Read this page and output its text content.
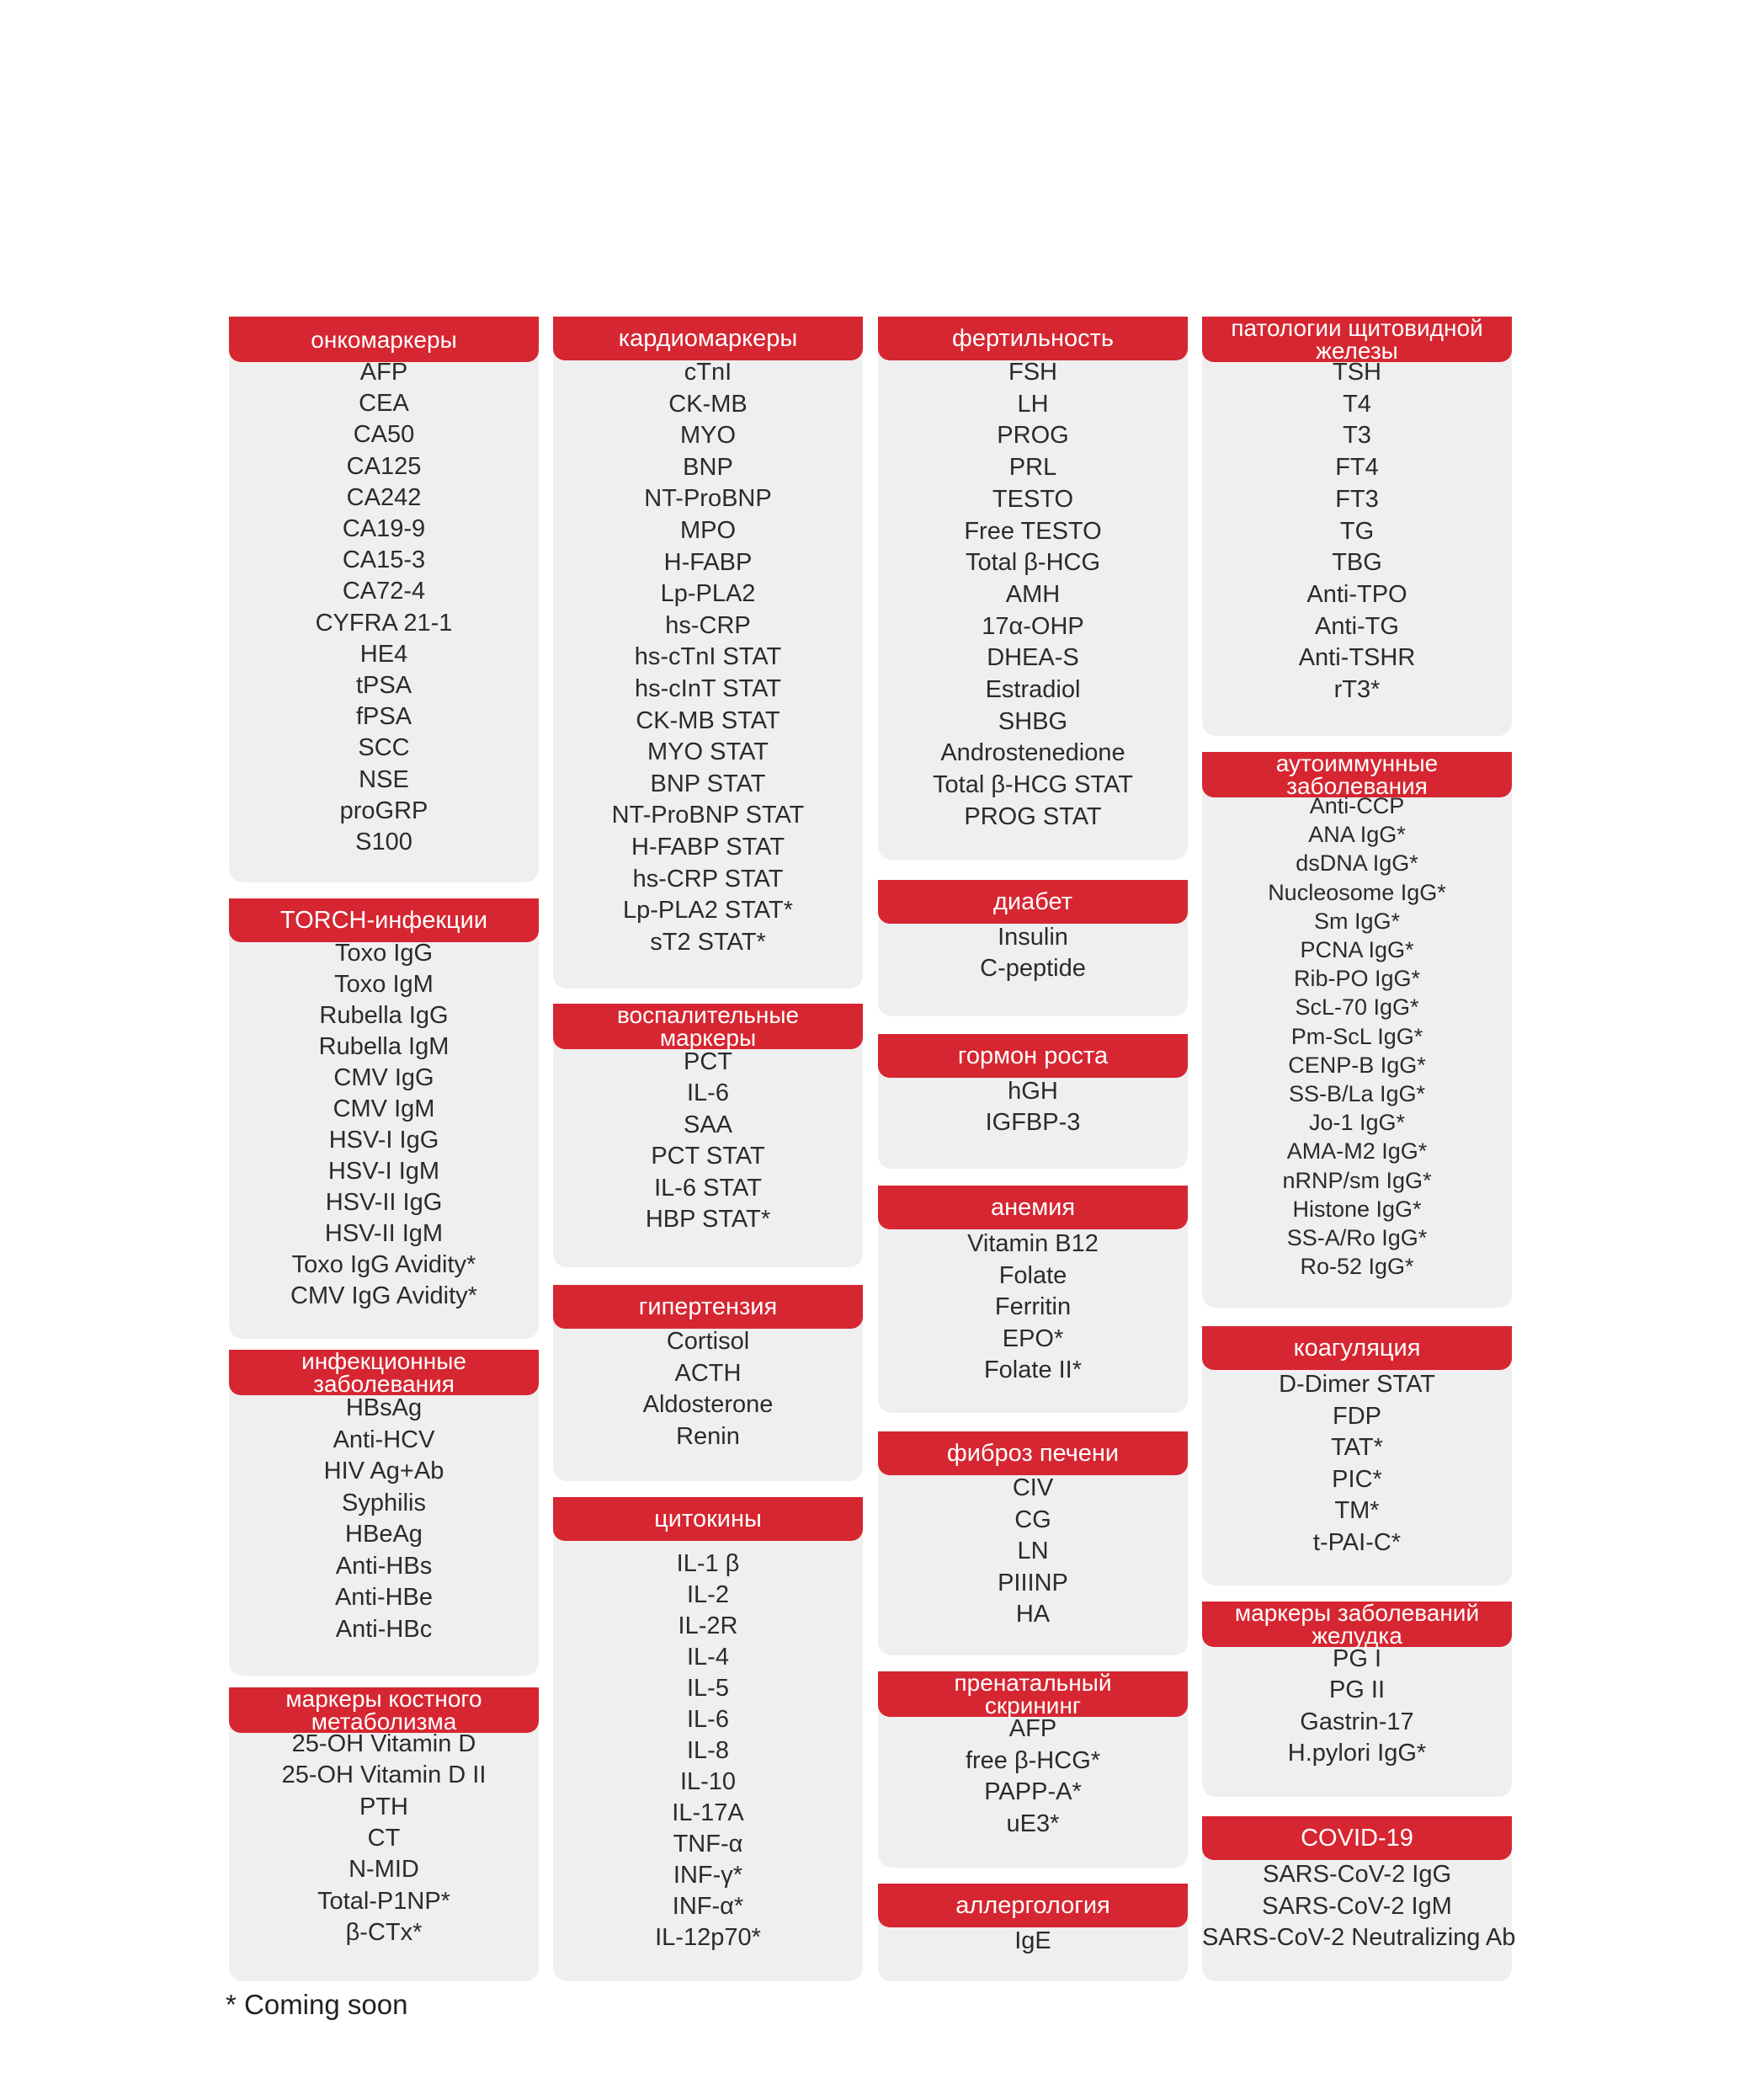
онкомаркеры
AFP
CEA
CA50
CA125
CA242
CA19-9
CA15-3
CA72-4
CYFRA 21-1
HE4
tPSA
fPSA
SCC
NSE
proGRP
S100
TORCH-инфекции
Toxo IgG
Toxo IgM
Rubella IgG
Rubella IgM
CMV IgG
CMV IgM
HSV-I IgG
HSV-I IgM
HSV-II IgG
HSV-II IgM
Toxo IgG Avidity*
CMV IgG Avidity*
инфекционные
заболевания
HBsAg
Anti-HCV
HIV Ag+Ab
Syphilis
HBeAg
Anti-HBs
Anti-HBe
Anti-HBc
маркеры костного
метаболизма
25-OH Vitamin D
25-OH Vitamin D II
PTH
CT
N-MID
Total-P1NP*
β-CTx*
кардиомаркеры
cTnI
CK-MB
MYO
BNP
NT-ProBNP
MPO
H-FABP
Lp-PLA2
hs-CRP
hs-cTnI STAT
hs-cInT STAT
CK-MB STAT
MYO STAT
BNP STAT
NT-ProBNP STAT
H-FABP STAT
hs-CRP STAT
Lp-PLA2 STAT*
sT2 STAT*
воспалительные
маркеры
PCT
IL-6
SAA
PCT STAT
IL-6 STAT
HBP STAT*
гипертензия
Cortisol
ACTH
Aldosterone
Renin
цитокины
IL-1 β
IL-2
IL-2R
IL-4
IL-5
IL-6
IL-8
IL-10
IL-17A
TNF-α
INF-γ*
INF-α*
IL-12p70*
фертильность
FSH
LH
PROG
PRL
TESTO
Free TESTO
Total β-HCG
AMH
17α-OHP
DHEA-S
Estradiol
SHBG
Androstenedione
Total β-HCG STAT
PROG STAT
диабет
Insulin
C-peptide
гормон роста
hGH
IGFBP-3
анемия
Vitamin B12
Folate
Ferritin
EPO*
Folate II*
фиброз печени
CIV
CG
LN
PIIINP
HA
пренатальный
скрининг
AFP
free β-HCG*
PAPP-A*
uE3*
аллергология
IgE
патологии щитовидной
железы
TSH
T4
T3
FT4
FT3
TG
TBG
Anti-TPO
Anti-TG
Anti-TSHR
rT3*
аутоиммунные
заболевания
Anti-CCP
ANA IgG*
dsDNA IgG*
Nucleosome IgG*
Sm IgG*
PCNA IgG*
Rib-PO IgG*
ScL-70 IgG*
Pm-ScL IgG*
CENP-B IgG*
SS-B/La IgG*
Jo-1 IgG*
AMA-M2 IgG*
nRNP/sm IgG*
Histone IgG*
SS-A/Ro IgG*
Ro-52 IgG*
коагуляция
D-Dimer STAT
FDP
TAT*
PIC*
TM*
t-PAI-C*
маркеры заболеваний
желудка
PG I
PG II
Gastrin-17
H.pylori IgG*
COVID-19
SARS-CoV-2 IgG
SARS-CoV-2 IgM
SARS-CoV-2 Neutralizing Ab
* Coming soon
